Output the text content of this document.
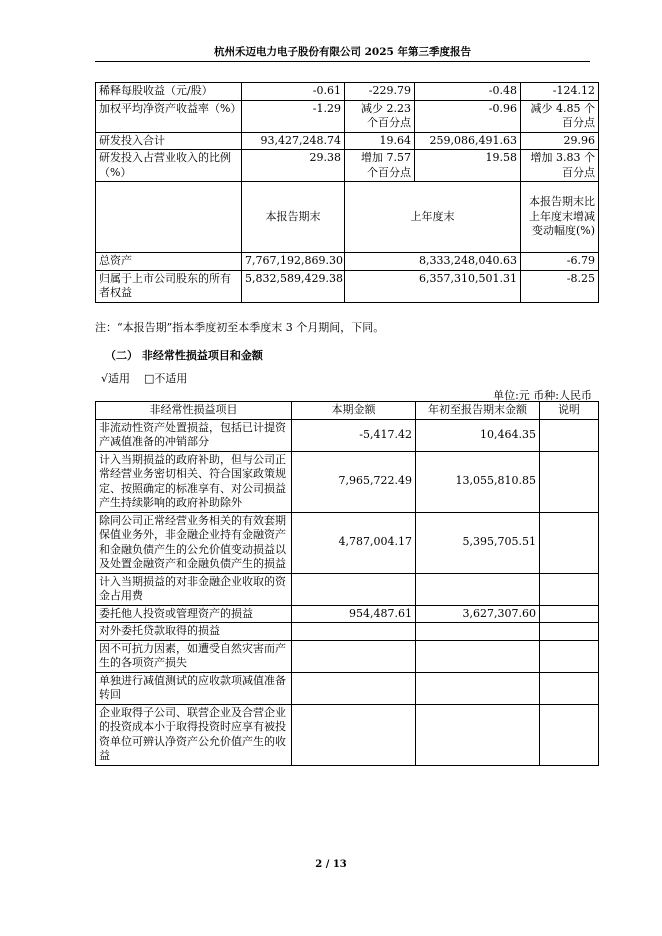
杭州禾迈电力电子股份有限公司 2025 年第三季度报告
稀释每股收益（元/股）	-0.61	-229.79	-0.48	-124.12
加权平均净资产收益率（%）	-1.29	减少 2.23 个百分点	-0.96	减少 4.85 个百分点
研发投入合计	93,427,248.74	19.64	259,086,491.63	29.96
研发投入占营业收入的比例（%）	29.38	增加 7.57 个百分点	19.58	增加 3.83 个百分点
	本报告期末	上年度末		本报告期末比上年度末增减变动幅度(%)
总资产	7,767,192,869.30	8,333,248,040.63		-6.79
归属于上市公司股东的所有者权益	5,832,589,429.38	6,357,310,501.31		-8.25
注：“本报告期”指本季度初至本季度末 3 个月期间，下同。
（二） 非经常性损益项目和金额
√适用 □不适用
单位:元 币种:人民币
非经常性损益项目	本期金额	年初至报告期末金额	说明
非流动性资产处置损益，包括已计提资产减值准备的冲销部分	-5,417.42	10,464.35	
计入当期损益的政府补助，但与公司正常经营业务密切相关、符合国家政策规定、按照确定的标准享有、对公司损益产生持续影响的政府补助除外	7,965,722.49	13,055,810.85	
除同公司正常经营业务相关的有效套期保值业务外，非金融企业持有金融资产和金融负债产生的公允价值变动损益以及处置金融资产和金融负债产生的损益	4,787,004.17	5,395,705.51	
计入当期损益的对非金融企业收取的资金占用费			
委托他人投资或管理资产的损益	954,487.61	3,627,307.60	
对外委托贷款取得的损益			
因不可抗力因素，如遭受自然灾害而产生的各项资产损失			
单独进行减值测试的应收款项减值准备转回			
企业取得子公司、联营企业及合营企业的投资成本小于取得投资时应享有被投资单位可辨认净资产公允价值产生的收益			
2 / 13
